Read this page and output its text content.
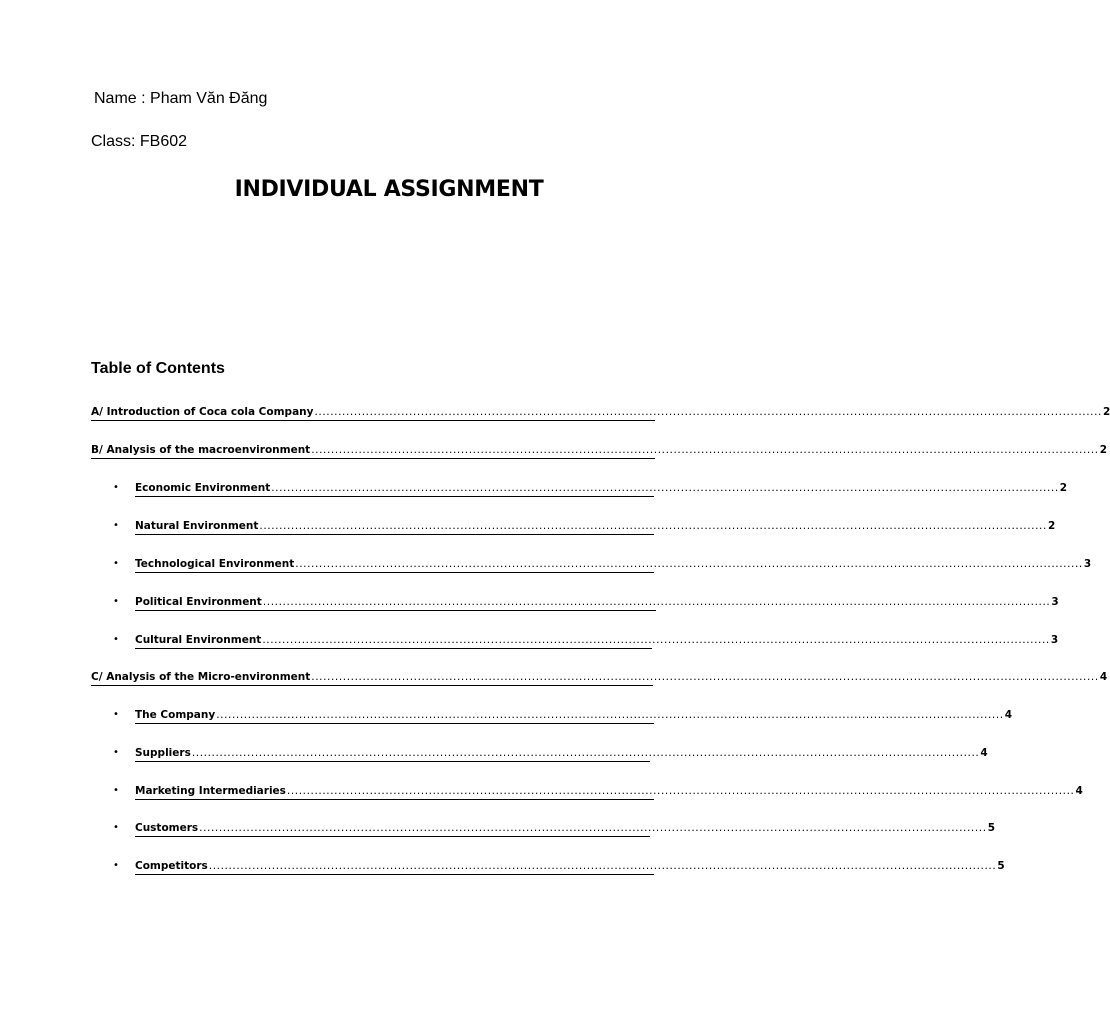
Name : Pham Văn Đăng
Class: FB602
INDIVIDUAL ASSIGNMENT
Table of Contents
A/ Introduction of Coca cola Company ........................................................................................................................................................................................................ 2
B/ Analysis of the macroenvironment ........................................................................................................................................................................................................ 2
• Economic Environment ........................................................................................................................................................................................................ 2
• Natural Environment ........................................................................................................................................................................................................ 2
• Technological Environment ........................................................................................................................................................................................................ 3
• Political Environment ........................................................................................................................................................................................................ 3
• Cultural Environment ........................................................................................................................................................................................................ 3
C/ Analysis of the Micro-environment ........................................................................................................................................................................................................ 4
• The Company ........................................................................................................................................................................................................ 4
• Suppliers ........................................................................................................................................................................................................ 4
• Marketing Intermediaries ........................................................................................................................................................................................................ 4
• Customers ........................................................................................................................................................................................................ 5
• Competitors ........................................................................................................................................................................................................ 5
